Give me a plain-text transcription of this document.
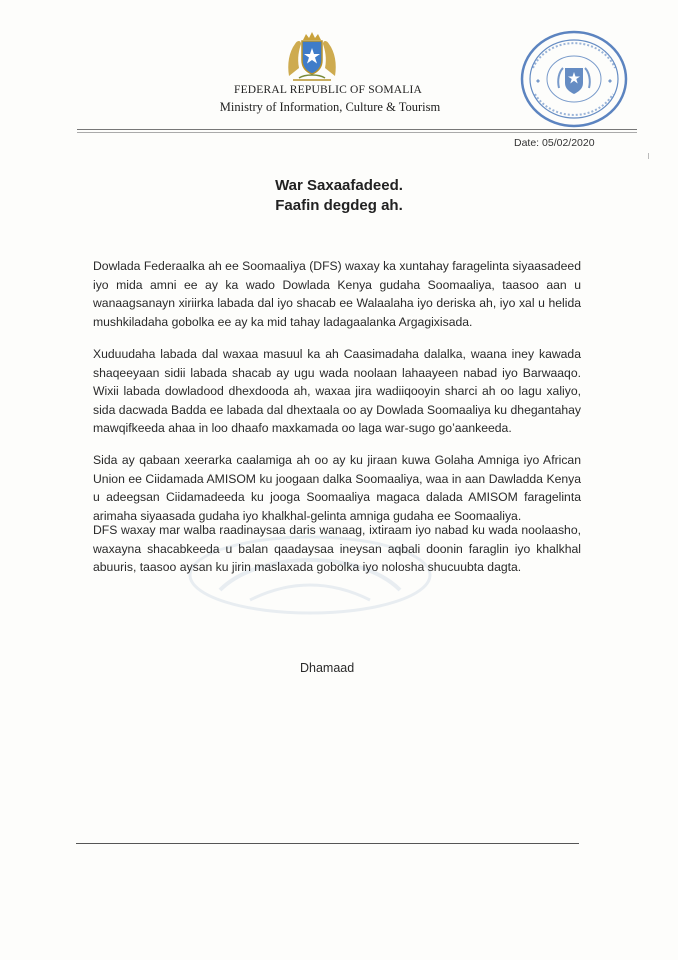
FEDERAL REPUBLIC OF SOMALIA
Ministry of Information, Culture & Tourism
Date: 05/02/2020
War Saxaafadeed.
Faafin degdeg ah.

Dowlada Federaalka ah ee Soomaaliya (DFS) waxay ka xuntahay faragelinta siyaasadeed iyo mida amni ee ay ka wado Dowlada Kenya gudaha Soomaaliya, taasoo aan u wanaagsanayn xiriirka labada dal iyo shacab ee Walaalaha iyo deriska ah, iyo xal u helida mushkiladaha gobolka ee ay ka mid tahay ladagaalanka Argagixisada.

Xuduudaha labada dal waxaa masuul ka ah Caasimadaha dalalka, waana iney kawada shaqeeyaan sidii labada shacab ay ugu wada noolaan lahaayeen nabad iyo Barwaaqo. Wixii labada dowladood dhexdooda ah, waxaa jira wadiiqooyin sharci ah oo lagu xaliyo, sida dacwada Badda ee labada dal dhextaala oo ay Dowlada Soomaaliya ku dhegantahay mawqifkeeda ahaa in loo dhaafo maxkamada oo laga war-sugo go’aankeeda.

Sida ay qabaan xeerarka caalamiga ah oo ay ku jiraan kuwa Golaha Amniga iyo African Union ee Ciidamada AMISOM ku joogaan dalka Soomaaliya, waa in aan Dawladda Kenya u adeegsan Ciidamadeeda ku jooga Soomaaliya magaca dalada AMISOM faragelinta arimaha siyaasada gudaha iyo khalkhal-gelinta amniga gudaha ee Soomaaliya.

DFS waxay mar walba raadinaysaa daris wanaag, ixtiraam iyo nabad ku wada noolaasho, waxayna shacabkeeda u balan qaadaysaa ineysan aqbali doonin faraglin iyo khalkhal abuuris, taasoo aysan ku jirin maslaxada gobolka iyo nolosha shucuubta dagta.

Dhamaad
